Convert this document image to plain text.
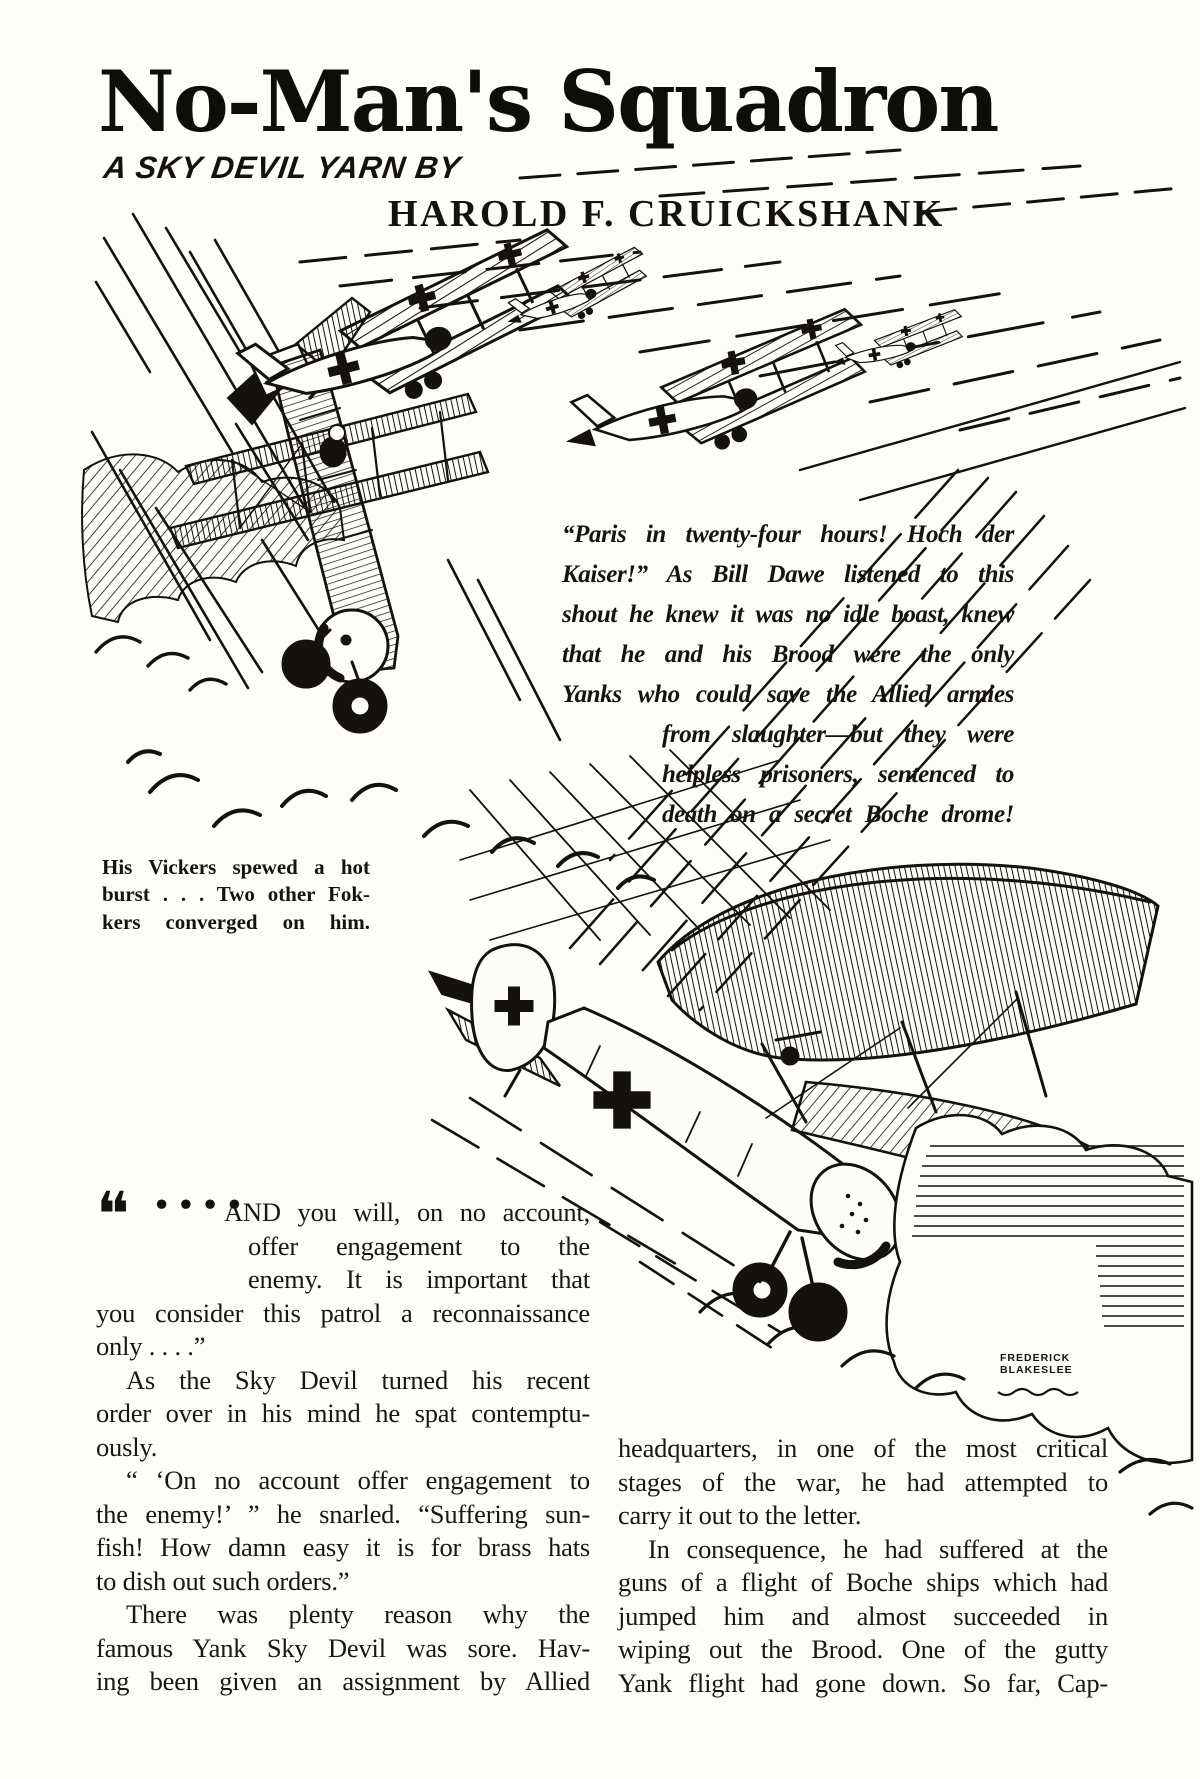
No-Man's Squadron
A SKY DEVIL YARN BY
HAROLD F. CRUICKSHANK
“Paris in twenty-four hours! Hoch der
Kaiser!” As Bill Dawe listened to this
shout he knew it was no idle boast, knew
that he and his Brood were the only
Yanks who could save the Allied armies
from slaughter—but they were
helpless prisoners, sentenced to
death on a secret Boche drome!
His Vickers spewed a hot
burst . . . Two other Fok-
kers converged on him.
❝ ••••
AND you will, on no account,
offer engagement to the
enemy. It is important that
you consider this patrol a reconnaissance
only . . . .”
As the Sky Devil turned his recent
order over in his mind he spat contemptu-
ously.
“ ‘On no account offer engagement to
the enemy!’ ” he snarled. “Suffering sun-
fish! How damn easy it is for brass hats
to dish out such orders.”
There was plenty reason why the
famous Yank Sky Devil was sore. Hav-
ing been given an assignment by Allied
headquarters, in one of the most critical
stages of the war, he had attempted to
carry it out to the letter.
In consequence, he had suffered at the
guns of a flight of Boche ships which had
jumped him and almost succeeded in
wiping out the Brood. One of the gutty
Yank flight had gone down. So far, Cap-
FREDERICK
BLAKESLEE
